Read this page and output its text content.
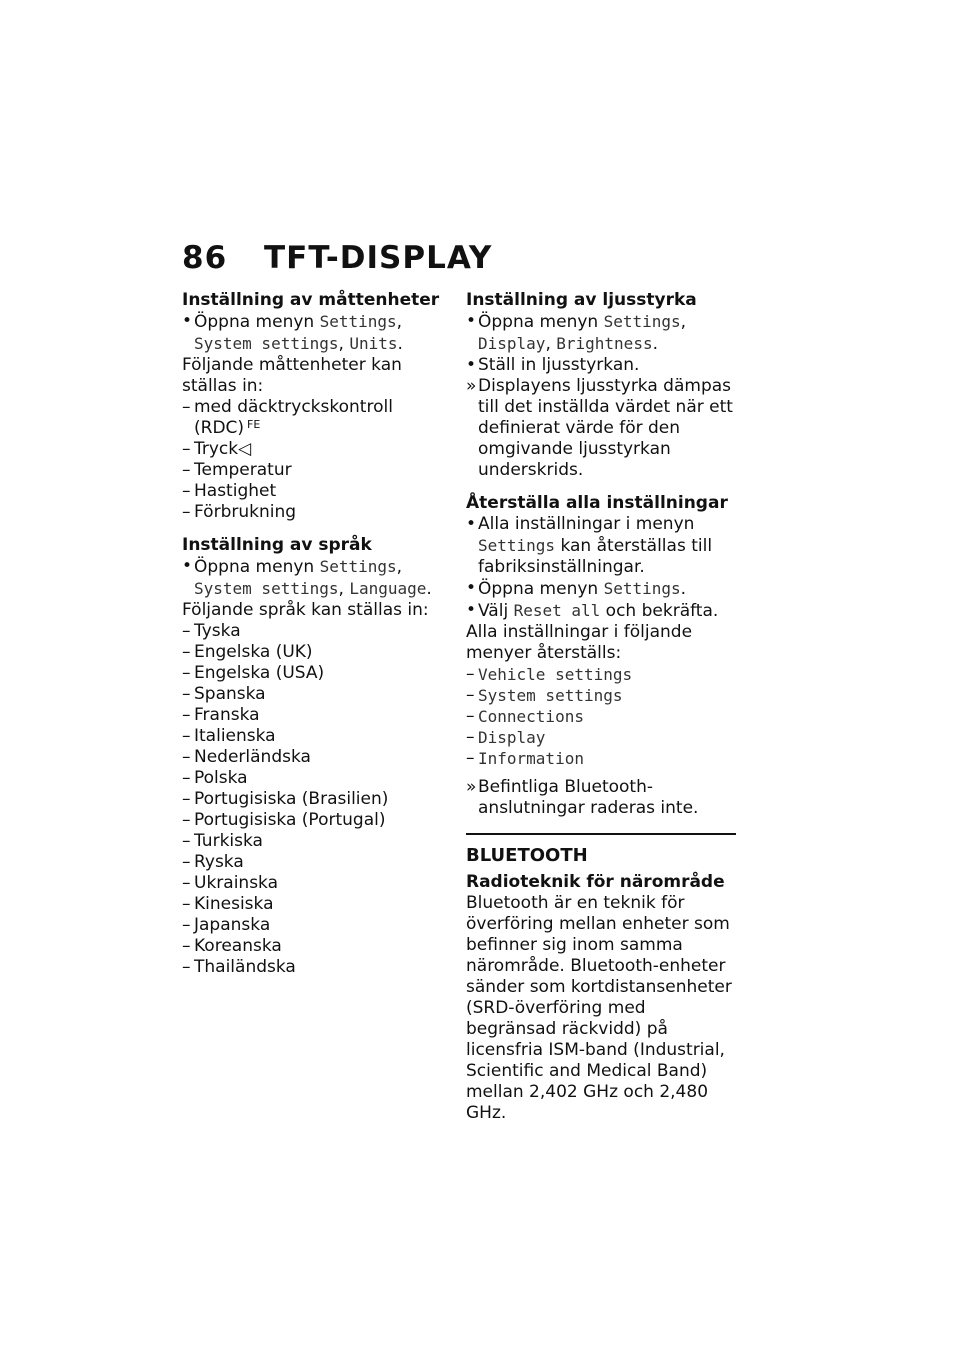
86 TFT-DISPLAY

Inställning av måttenheter

• Öppna menyn Settings, System settings, Units.

Följande måttenheter kan ställas in:

– med däcktryckskontroll (RDC) $^{FE}$
– Tryck◁
– Temperatur
– Hastighet
– Förbrukning

Inställning av språk

• Öppna menyn Settings, System settings, Language.

Följande språk kan ställas in:

– Tyska
– Engelska (UK)
– Engelska (USA)
– Spanska
– Franska
– Italienska
– Nederländska
– Polska
– Portugisiska (Brasilien)
– Portugisiska (Portugal)
– Turkiska
– Ryska
– Ukrainska
– Kinesiska
– Japanska
– Koreanska
– Thailändska

Inställning av ljusstyrka

• Öppna menyn Settings, Display, Brightness.
• Ställ in ljusstyrkan.
» Displayens ljusstyrka dämpas till det inställda värdet när ett definierat värde för den omgivande ljusstyrkan underskrids.

Återställa alla inställningar

• Alla inställningar i menyn Settings kan återställas till fabriksinställningar.
• Öppna menyn Settings.
• Välj Reset all och bekräfta.

Alla inställningar i följande menyer återställs:

– Vehicle settings
– System settings
– Connections
– Display
– Information
» Befintliga Bluetooth-anslutningar raderas inte.

BLUETOOTH

Radioteknik för närområde

Bluetooth är en teknik för överföring mellan enheter som befinner sig inom samma närområde. Bluetooth-enheter sänder som kortdistansenheter (SRD-överföring med begränsad räckvidd) på licensfria ISM-band (Industrial, Scientific and Medical Band) mellan 2,402 GHz och 2,480 GHz.
